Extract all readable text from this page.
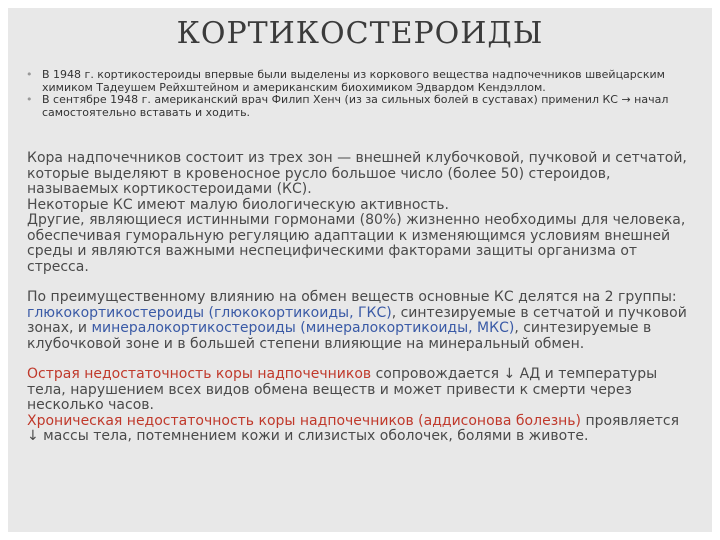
КОРТИКОСТЕРОИДЫ
• В 1948 г. кортикостероиды впервые были выделены из коркового вещества надпочечников швейцарским химиком Тадеушем Рейхштейном и американским биохимиком Эдвардом Кендэллом.
• В сентябре 1948 г. американский врач Филип Хенч (из за сильных болей в суставах) применил КС → начал самостоятельно вставать и ходить.

Кора надпочечников состоит из трех зон — внешней клубочковой, пучковой и сетчатой, которые выделяют в кровеносное русло большое число (более 50) стероидов, называемых кортикостероидами (КС).

Некоторые КС имеют малую биологическую активность.

Другие, являющиеся истинными гормонами (80%) жизненно необходимы для человека, обеспечивая гуморальную регуляцию адаптации к изменяющимся условиям внешней среды и являются важными неспецифическими факторами защиты организма от стресса.

По преимущественному влиянию на обмен веществ основные КС делятся на 2 группы: глюкокортикостероиды (глюкокортикоиды, ГКС), синтезируемые в сетчатой и пучковой зонах, и минералокортикостероиды (минералокортикоиды, МКС), синтезируемые в клубочковой зоне и в большей степени влияющие на минеральный обмен.

Острая недостаточность коры надпочечников сопровождается ↓ АД и температуры тела, нарушением всех видов обмена веществ и может привести к смерти через несколько часов.

Хроническая недостаточность коры надпочечников (аддисонова болезнь) проявляется ↓ массы тела, потемнением кожи и слизистых оболочек, болями в животе.
